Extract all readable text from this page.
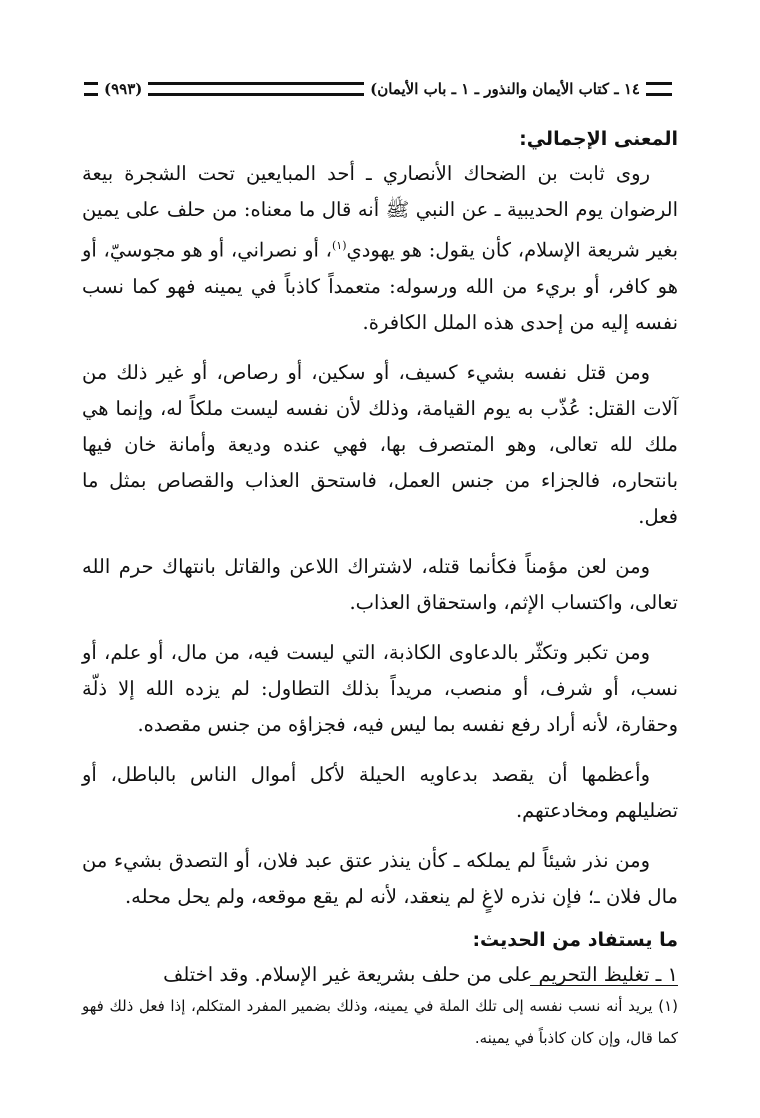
١٤ ـ كتاب الأيمان والنذور ـ ١ ـ باب الأيمان)
(٩٩٣)
المعنى الإجمالي:

روى ثابت بن الضحاك الأنصاري ـ أحد المبايعين تحت الشجرة بيعة الرضوان يوم الحديبية ـ عن النبي ﷺ أنه قال ما معناه: من حلف على يمين بغير شريعة الإسلام، كأن يقول: هو يهودي$^{(١)}$، أو نصراني، أو هو مجوسيّ، أو هو كافر، أو بريء من الله ورسوله: متعمداً كاذباً في يمينه فهو كما نسب نفسه إليه من إحدى هذه الملل الكافرة.

ومن قتل نفسه بشيء كسيف، أو سكين، أو رصاص، أو غير ذلك من آلات القتل: عُذّب به يوم القيامة، وذلك لأن نفسه ليست ملكاً له، وإنما هي ملك لله تعالى، وهو المتصرف بها، فهي عنده وديعة وأمانة خان فيها بانتحاره، فالجزاء من جنس العمل، فاستحق العذاب والقصاص بمثل ما فعل.

ومن لعن مؤمناً فكأنما قتله، لاشتراك اللاعن والقاتل بانتهاك حرم الله تعالى، واكتساب الإثم، واستحقاق العذاب.

ومن تكبر وتكثّر بالدعاوى الكاذبة، التي ليست فيه، من مال، أو علم، أو نسب، أو شرف، أو منصب، مريداً بذلك التطاول: لم يزده الله إلا ذلّة وحقارة، لأنه أراد رفع نفسه بما ليس فيه، فجزاؤه من جنس مقصده.

وأعظمها أن يقصد بدعاويه الحيلة لأكل أموال الناس بالباطل، أو تضليلهم ومخادعتهم.

ومن نذر شيئاً لم يملكه ـ كأن ينذر عتق عبد فلان، أو التصدق بشيء من مال فلان ـ؛ فإن نذره لاغٍ لم ينعقد، لأنه لم يقع موقعه، ولم يحل محله.

ما يستفاد من الحديث:

١ ـ تغليظ التحريم على من حلف بشريعة غير الإسلام. وقد اختلف

(١) يريد أنه نسب نفسه إلى تلك الملة في يمينه، وذلك بضمير المفرد المتكلم، إذا فعل ذلك فهو كما قال، وإن كان كاذباً في يمينه.
